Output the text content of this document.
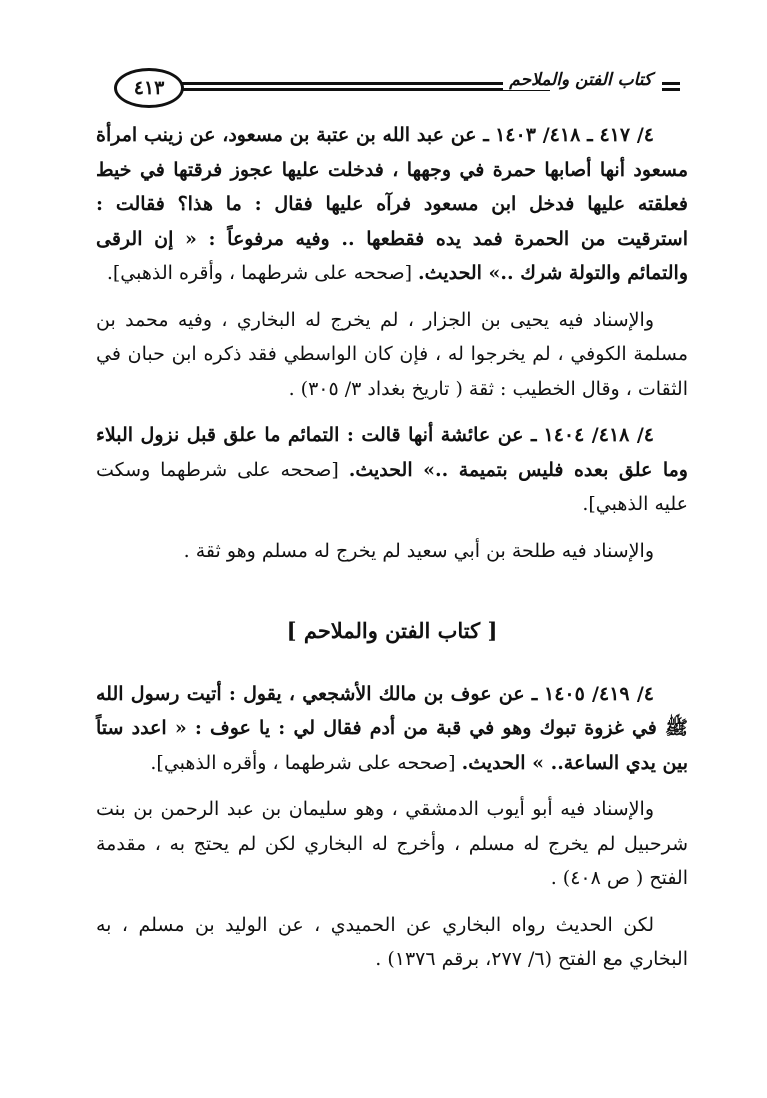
٤١٣	كتاب الفتن والملاحم

٤/ ٤١٧ ـ ٤١٨/ ١٤٠٣ ـ عن عبد الله بن عتبة بن مسعود، عن زينب امرأة مسعود أنها أصابها حمرة في وجهها ، فدخلت عليها عجوز فرقتها في خيط فعلقته عليها فدخل ابن مسعود فرآه عليها فقال : ما هذا؟ فقالت : استرقيت من الحمرة فمد يده فقطعها .. وفيه مرفوعاً : « إن الرقى والتمائم والتولة شرك ..» الحديث. [صححه على شرطهما ، وأقره الذهبي].

والإسناد فيه يحيى بن الجزار ، لم يخرج له البخاري ، وفيه محمد بن مسلمة الكوفي ، لم يخرجوا له ، فإن كان الواسطي فقد ذكره ابن حبان في الثقات ، وقال الخطيب : ثقة ( تاريخ بغداد ٣/ ٣٠٥) .

٤/ ٤١٨/ ١٤٠٤ ـ عن عائشة أنها قالت : التمائم ما علق قبل نزول البلاء وما علق بعده فليس بتميمة ..» الحديث. [صححه على شرطهما وسكت عليه الذهبي].

والإسناد فيه طلحة بن أبي سعيد لم يخرج له مسلم وهو ثقة .

[ كتاب الفتن والملاحم ]

٤/ ٤١٩/ ١٤٠٥ ـ عن عوف بن مالك الأشجعي ، يقول : أتيت رسول الله ﷺ في غزوة تبوك وهو في قبة من أدم فقال لي : يا عوف : « اعدد ستاً بين يدي الساعة.. » الحديث. [صححه على شرطهما ، وأقره الذهبي].

والإسناد فيه أبو أيوب الدمشقي ، وهو سليمان بن عبد الرحمن بن بنت شرحبيل لم يخرج له مسلم ، وأخرج له البخاري لكن لم يحتج به ، مقدمة الفتح ( ص ٤٠٨) .

لكن الحديث رواه البخاري عن الحميدي ، عن الوليد بن مسلم ، به البخاري مع الفتح (٦/ ٢٧٧، برقم ١٣٧٦) .
